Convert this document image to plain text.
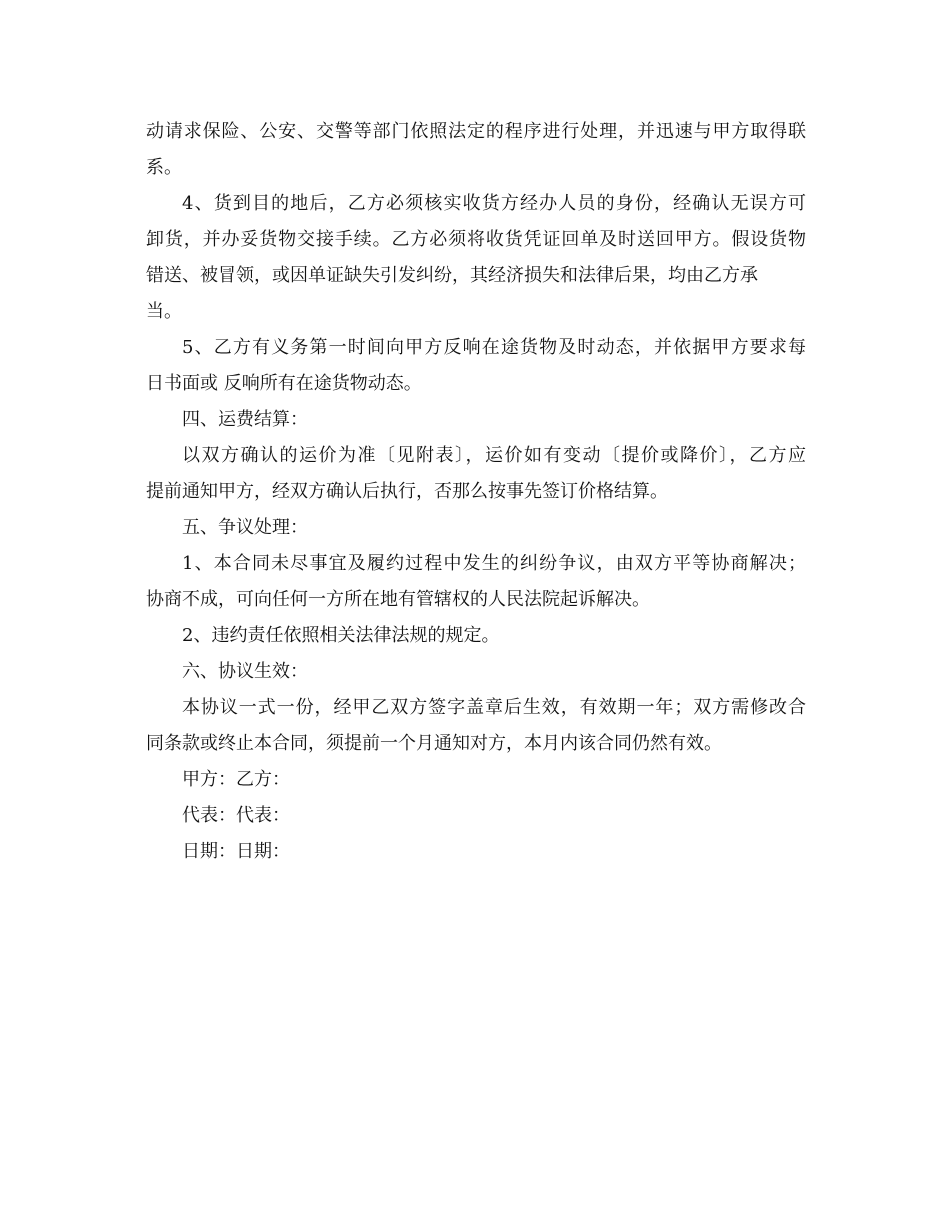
动请求保险、公安、交警等部门依照法定的程序进行处理，并迅速与甲方取得联
系。
4、货到目的地后，乙方必须核实收货方经办人员的身份，经确认无误方可
卸货，并办妥货物交接手续。乙方必须将收货凭证回单及时送回甲方。假设货物
错送、被冒领，或因单证缺失引发纠纷，其经济损失和法律后果，均由乙方承
当。
5、乙方有义务第一时间向甲方反响在途货物及时动态，并依据甲方要求每
日书面或 反响所有在途货物动态。
四、运费结算：
以双方确认的运价为准〔见附表〕，运价如有变动〔提价或降价〕，乙方应
提前通知甲方，经双方确认后执行，否那么按事先签订价格结算。
五、争议处理：
1、本合同未尽事宜及履约过程中发生的纠纷争议，由双方平等协商解决；
协商不成，可向任何一方所在地有管辖权的人民法院起诉解决。
2、违约责任依照相关法律法规的规定。
六、协议生效：
本协议一式一份，经甲乙双方签字盖章后生效，有效期一年；双方需修改合
同条款或终止本合同，须提前一个月通知对方，本月内该合同仍然有效。
甲方：乙方：
代表：代表：
日期：日期：
